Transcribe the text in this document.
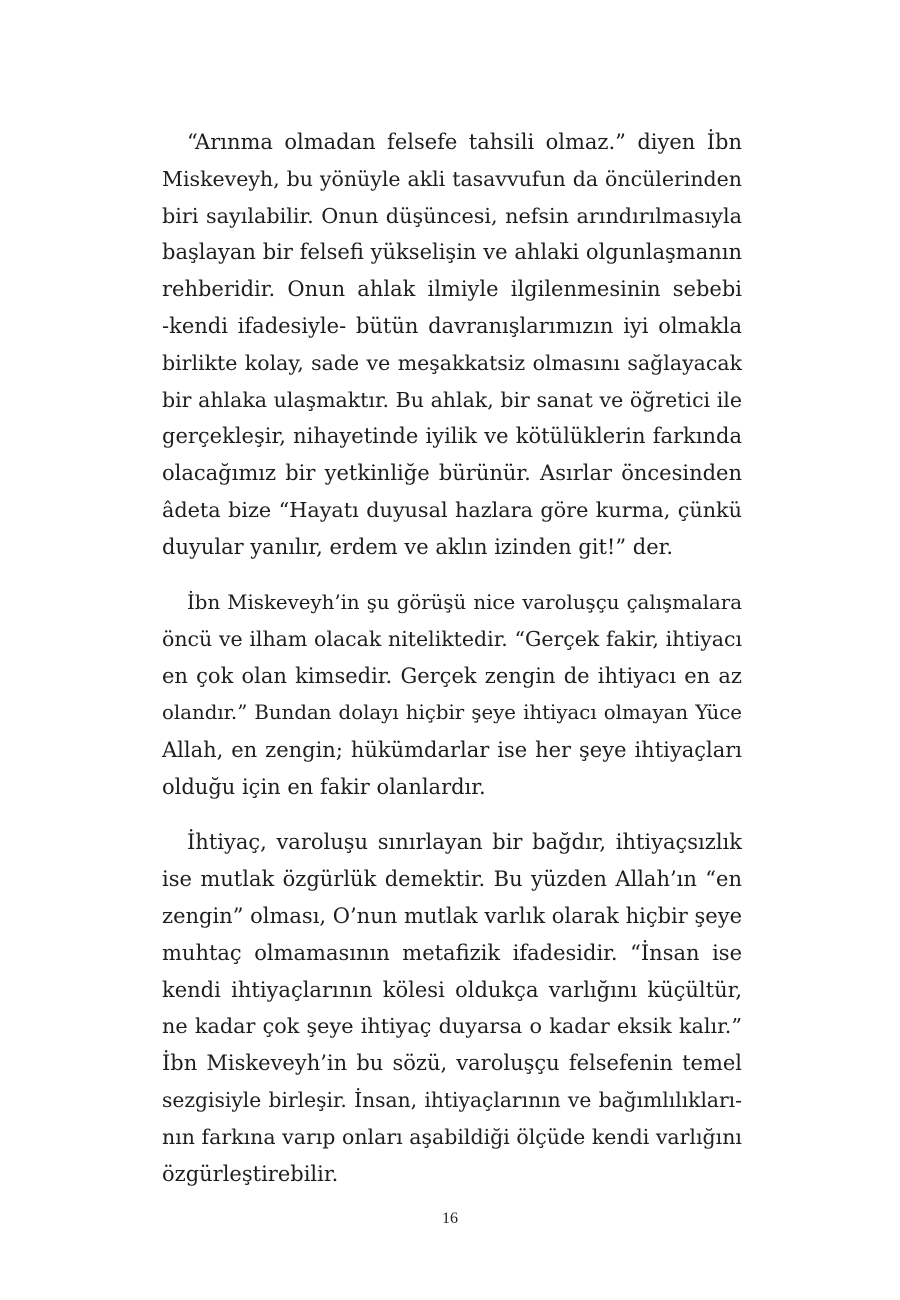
“Arınma olmadan felsefe tahsili olmaz.” diyen İbn
Miskeveyh, bu yönüyle akli tasavvufun da öncülerinden
biri sayılabilir. Onun düşüncesi, nefsin arındırılmasıyla
başlayan bir felsefi yükselişin ve ahlaki olgunlaşmanın
rehberidir. Onun ahlak ilmiyle ilgilenmesinin sebebi
-kendi ifadesiyle- bütün davranışlarımızın iyi olmakla
birlikte kolay, sade ve meşakkatsiz olmasını sağlayacak
bir ahlaka ulaşmaktır. Bu ahlak, bir sanat ve öğretici ile
gerçekleşir, nihayetinde iyilik ve kötülüklerin farkında
olacağımız bir yetkinliğe bürünür. Asırlar öncesinden
âdeta bize “Hayatı duyusal hazlara göre kurma, çünkü
duyular yanılır, erdem ve aklın izinden git!” der.

İbn Miskeveyh’in şu görüşü nice varoluşçu çalışmalara
öncü ve ilham olacak niteliktedir. “Gerçek fakir, ihtiyacı
en çok olan kimsedir. Gerçek zengin de ihtiyacı en az
olandır.” Bundan dolayı hiçbir şeye ihtiyacı olmayan Yüce
Allah, en zengin; hükümdarlar ise her şeye ihtiyaçları
olduğu için en fakir olanlardır.

İhtiyaç, varoluşu sınırlayan bir bağdır, ihtiyaçsızlık
ise mutlak özgürlük demektir. Bu yüzden Allah’ın “en
zengin” olması, O’nun mutlak varlık olarak hiçbir şeye
muhtaç olmamasının metafizik ifadesidir. “İnsan ise
kendi ihtiyaçlarının kölesi oldukça varlığını küçültür,
ne kadar çok şeye ihtiyaç duyarsa o kadar eksik kalır.”
İbn Miskeveyh’in bu sözü, varoluşçu felsefenin temel
sezgisiyle birleşir. İnsan, ihtiyaçlarının ve bağımlılıkları-
nın farkına varıp onları aşabildiği ölçüde kendi varlığını
özgürleştirebilir.

16
